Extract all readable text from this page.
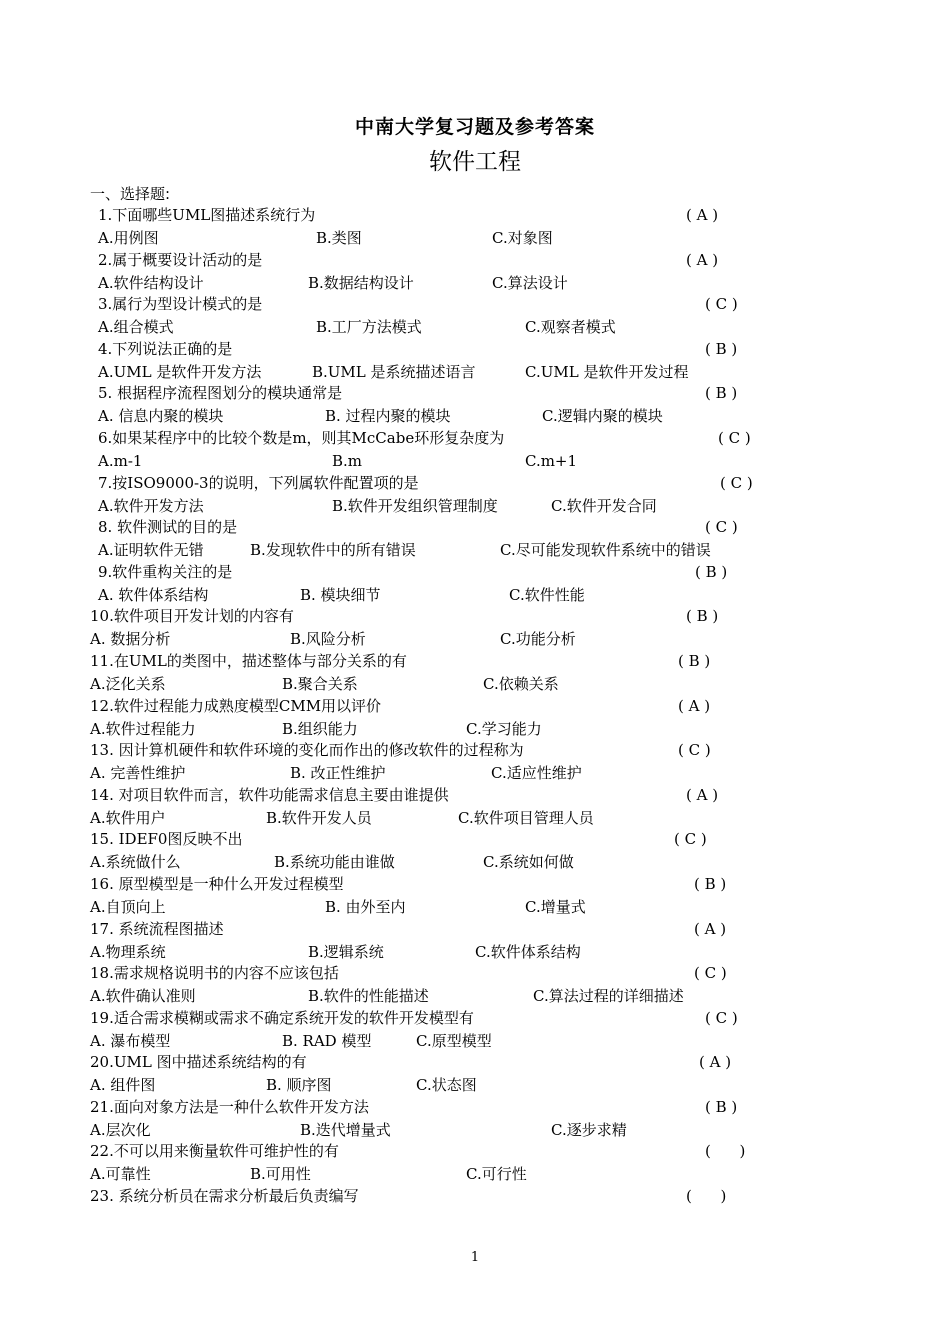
中南大学复习题及参考答案
软件工程
一、选择题:
1.下面哪些UML图描述系统行为	( A )
A.用例图	B.类图	C.对象图
2.属于概要设计活动的是	( A )
A.软件结构设计	B.数据结构设计	C.算法设计
3.属行为型设计模式的是	( C )
A.组合模式	B.工厂方法模式	C.观察者模式
4.下列说法正确的是	( B )
A.UML 是软件开发方法	B.UML 是系统描述语言	C.UML 是软件开发过程
5. 根据程序流程图划分的模块通常是	( B )
A. 信息内聚的模块	B. 过程内聚的模块	C.逻辑内聚的模块
6.如果某程序中的比较个数是m，则其McCabe环形复杂度为	( C )
A.m-1	B.m	C.m+1
7.按ISO9000-3的说明，下列属软件配置项的是	( C )
A.软件开发方法	B.软件开发组织管理制度	C.软件开发合同
8. 软件测试的目的是	( C )
A.证明软件无错	B.发现软件中的所有错误	C.尽可能发现软件系统中的错误
9.软件重构关注的是	( B )
A. 软件体系结构	B. 模块细节	C.软件性能
10.软件项目开发计划的内容有	( B )
A. 数据分析	B.风险分析	C.功能分析
11.在UML的类图中，描述整体与部分关系的有	( B )
A.泛化关系	B.聚合关系	C.依赖关系
12.软件过程能力成熟度模型CMM用以评价	( A )
A.软件过程能力	B.组织能力	C.学习能力
13. 因计算机硬件和软件环境的变化而作出的修改软件的过程称为	( C )
A. 完善性维护	B. 改正性维护	C.适应性维护
14. 对项目软件而言，软件功能需求信息主要由谁提供	( A )
A.软件用户	B.软件开发人员	C.软件项目管理人员
15. IDEF0图反映不出	( C )
A.系统做什么	B.系统功能由谁做	C.系统如何做
16. 原型模型是一种什么开发过程模型	( B )
A.自顶向上	B. 由外至内	C.增量式
17. 系统流程图描述	( A )
A.物理系统	B.逻辑系统	C.软件体系结构
18.需求规格说明书的内容不应该包括	( C )
A.软件确认准则	B.软件的性能描述	C.算法过程的详细描述
19.适合需求模糊或需求不确定系统开发的软件开发模型有	( C )
A. 瀑布模型	B. RAD 模型	C.原型模型
20.UML 图中描述系统结构的有	( A )
A. 组件图	B. 顺序图	C.状态图
21.面向对象方法是一种什么软件开发方法	( B )
A.层次化	B.迭代增量式	C.逐步求精
22.不可以用来衡量软件可维护性的有	(      )
A.可靠性	B.可用性	C.可行性
23. 系统分析员在需求分析最后负责编写	(      )
1
